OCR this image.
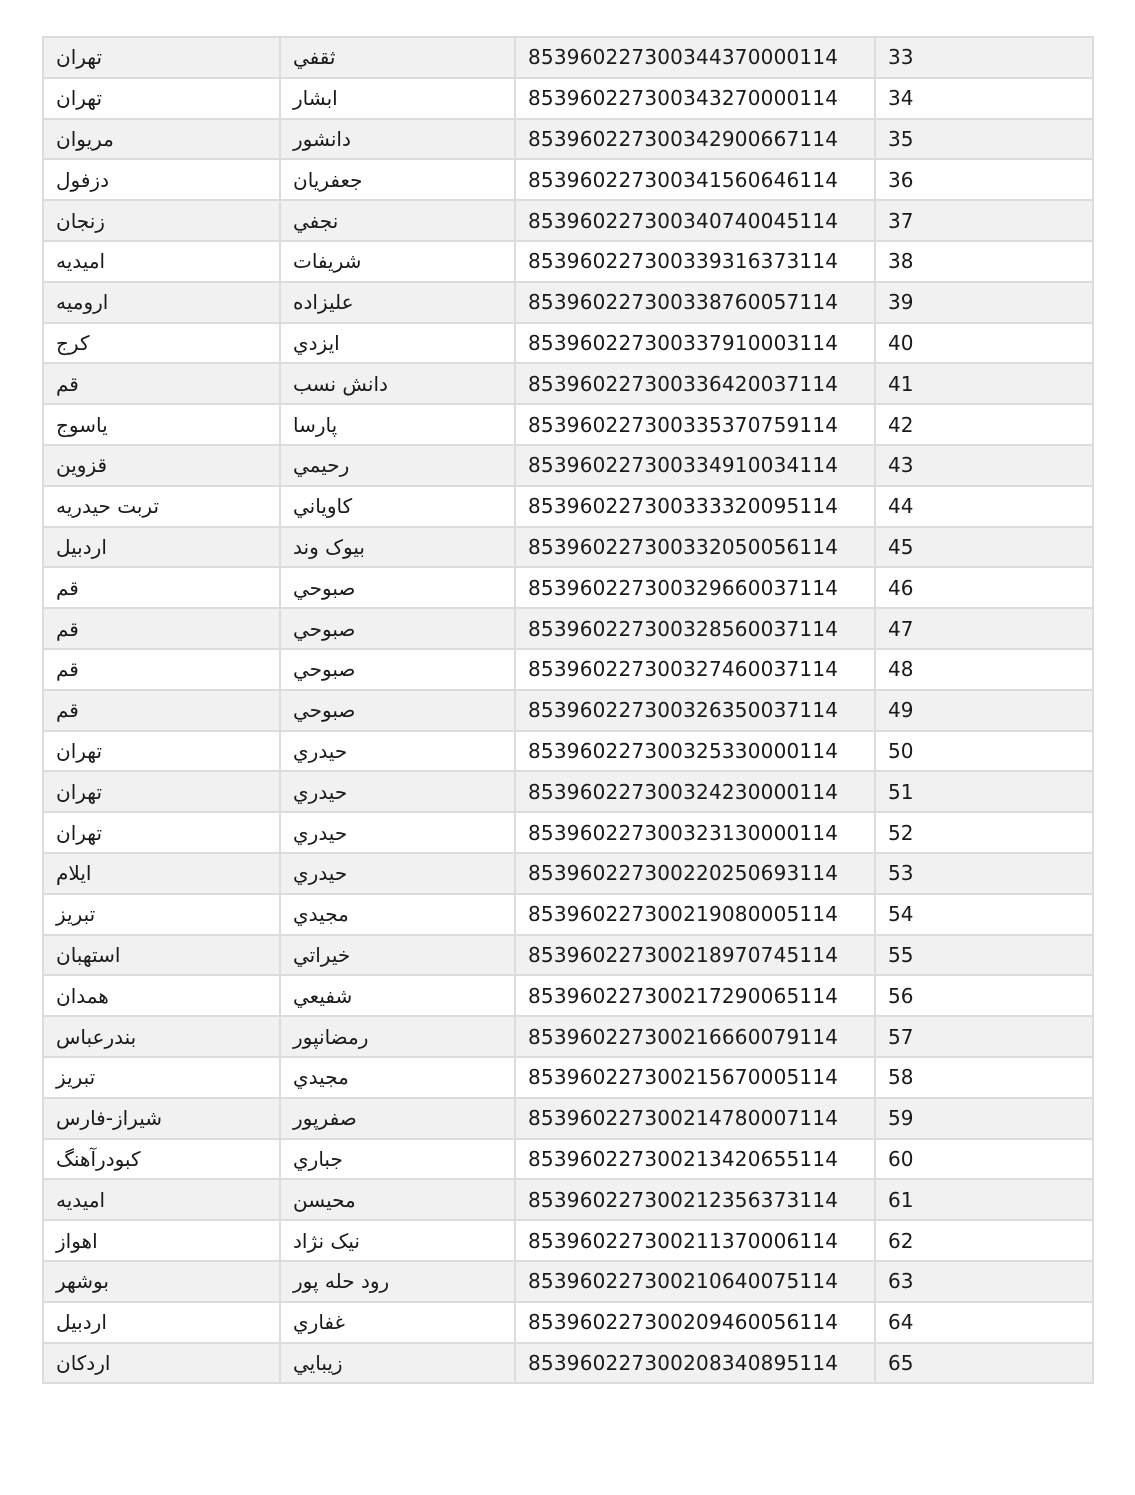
تهران	ثقفي	853960227300344370000114	33
تهران	ابشار	853960227300343270000114	34
مريوان	دانشور	853960227300342900667114	35
دزفول	جعفريان	853960227300341560646114	36
زنجان	نجفي	853960227300340740045114	37
اميديه	شريفات	853960227300339316373114	38
ارومیه	عليزاده	853960227300338760057114	39
كرج	ايزدي	853960227300337910003114	40
قم	دانش نسب	853960227300336420037114	41
ياسوج	پارسا	853960227300335370759114	42
قزوين	رحيمي	853960227300334910034114	43
تربت حيدريه	كاوياني	853960227300333320095114	44
اردبيل	بیوک وند	853960227300332050056114	45
قم	صبوحي	853960227300329660037114	46
قم	صبوحي	853960227300328560037114	47
قم	صبوحي	853960227300327460037114	48
قم	صبوحي	853960227300326350037114	49
تهران	حيدري	853960227300325330000114	50
تهران	حيدري	853960227300324230000114	51
تهران	حيدري	853960227300323130000114	52
ايلام	حيدري	853960227300220250693114	53
تبريز	مجيدي	853960227300219080005114	54
استهبان	خيراتي	853960227300218970745114	55
همدان	شفيعي	853960227300217290065114	56
بندرعباس	رمضانپور	853960227300216660079114	57
تبريز	مجيدي	853960227300215670005114	58
شيراز-فارس	صفرپور	853960227300214780007114	59
كبودرآهنگ	جباري	853960227300213420655114	60
اميديه	محيسن	853960227300212356373114	61
اهواز	نیک نژاد	853960227300211370006114	62
بوشهر	رود حله پور	853960227300210640075114	63
اردبيل	غفاري	853960227300209460056114	64
اردكان	زيبايي	853960227300208340895114	65
